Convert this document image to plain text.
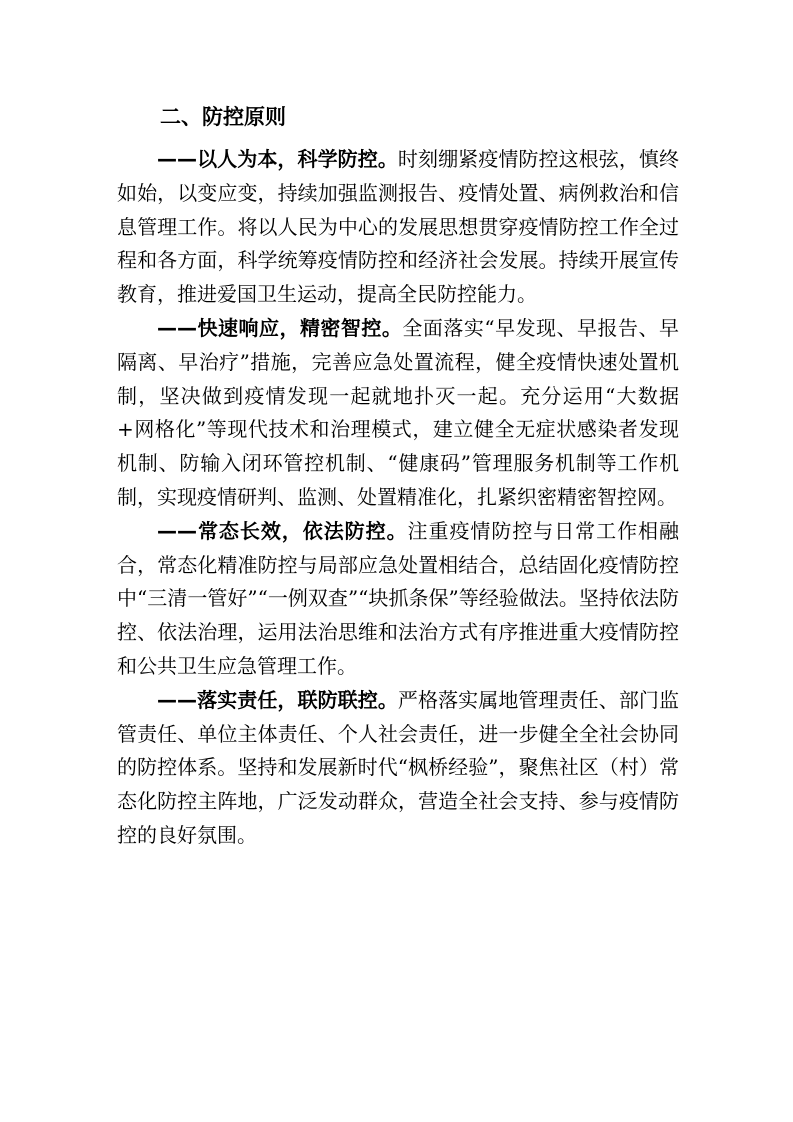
二、防控原则

——以人为本，科学防控。时刻绷紧疫情防控这根弦，慎终如始，以变应变，持续加强监测报告、疫情处置、病例救治和信息管理工作。将以人民为中心的发展思想贯穿疫情防控工作全过程和各方面，科学统筹疫情防控和经济社会发展。持续开展宣传教育，推进爱国卫生运动，提高全民防控能力。

——快速响应，精密智控。全面落实“早发现、早报告、早隔离、早治疗”措施，完善应急处置流程，健全疫情快速处置机制，坚决做到疫情发现一起就地扑灭一起。充分运用“大数据+网格化”等现代技术和治理模式，建立健全无症状感染者发现机制、防输入闭环管控机制、“健康码”管理服务机制等工作机制，实现疫情研判、监测、处置精准化，扎紧织密精密智控网。

——常态长效，依法防控。注重疫情防控与日常工作相融合，常态化精准防控与局部应急处置相结合，总结固化疫情防控中“三清一管好”“一例双查”“块抓条保”等经验做法。坚持依法防控、依法治理，运用法治思维和法治方式有序推进重大疫情防控和公共卫生应急管理工作。

——落实责任，联防联控。严格落实属地管理责任、部门监管责任、单位主体责任、个人社会责任，进一步健全全社会协同的防控体系。坚持和发展新时代“枫桥经验”，聚焦社区（村）常态化防控主阵地，广泛发动群众，营造全社会支持、参与疫情防控的良好氛围。
